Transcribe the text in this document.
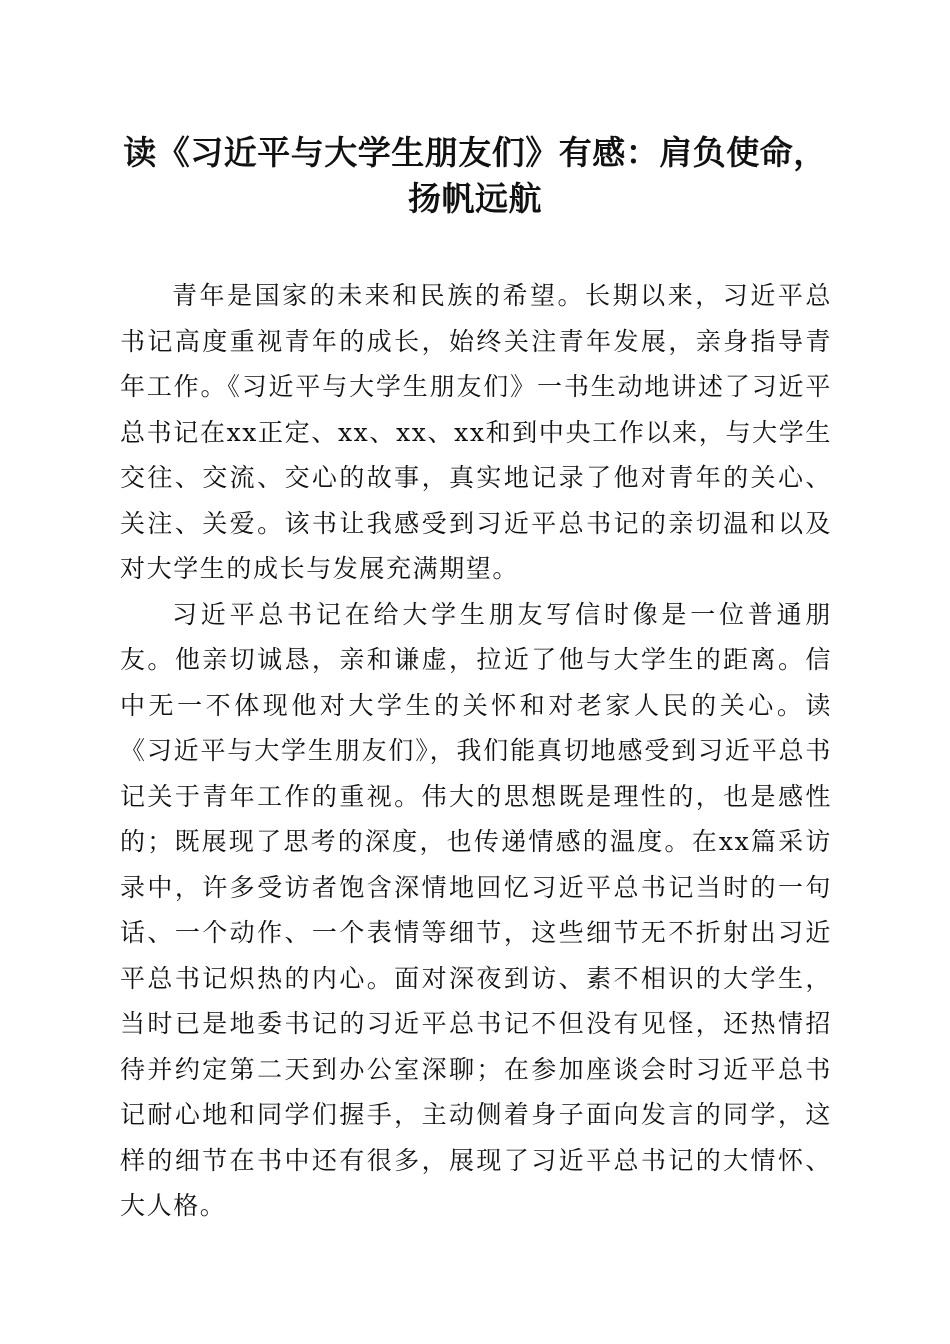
读《习近平与大学生朋友们》有感：肩负使命，
扬帆远航

青年是国家的未来和民族的希望。长期以来，习近平总书记高度重视青年的成长，始终关注青年发展，亲身指导青年工作。《习近平与大学生朋友们》一书生动地讲述了习近平总书记在xx正定、xx、xx、xx和到中央工作以来，与大学生交往、交流、交心的故事，真实地记录了他对青年的关心、关注、关爱。该书让我感受到习近平总书记的亲切温和以及对大学生的成长与发展充满期望。

习近平总书记在给大学生朋友写信时像是一位普通朋友。他亲切诚恳，亲和谦虚，拉近了他与大学生的距离。信中无一不体现他对大学生的关怀和对老家人民的关心。读《习近平与大学生朋友们》，我们能真切地感受到习近平总书记关于青年工作的重视。伟大的思想既是理性的，也是感性的；既展现了思考的深度，也传递情感的温度。在xx篇采访录中，许多受访者饱含深情地回忆习近平总书记当时的一句话、一个动作、一个表情等细节，这些细节无不折射出习近平总书记炽热的内心。面对深夜到访、素不相识的大学生，当时已是地委书记的习近平总书记不但没有见怪，还热情招待并约定第二天到办公室深聊；在参加座谈会时习近平总书记耐心地和同学们握手，主动侧着身子面向发言的同学，这样的细节在书中还有很多，展现了习近平总书记的大情怀、大人格。
